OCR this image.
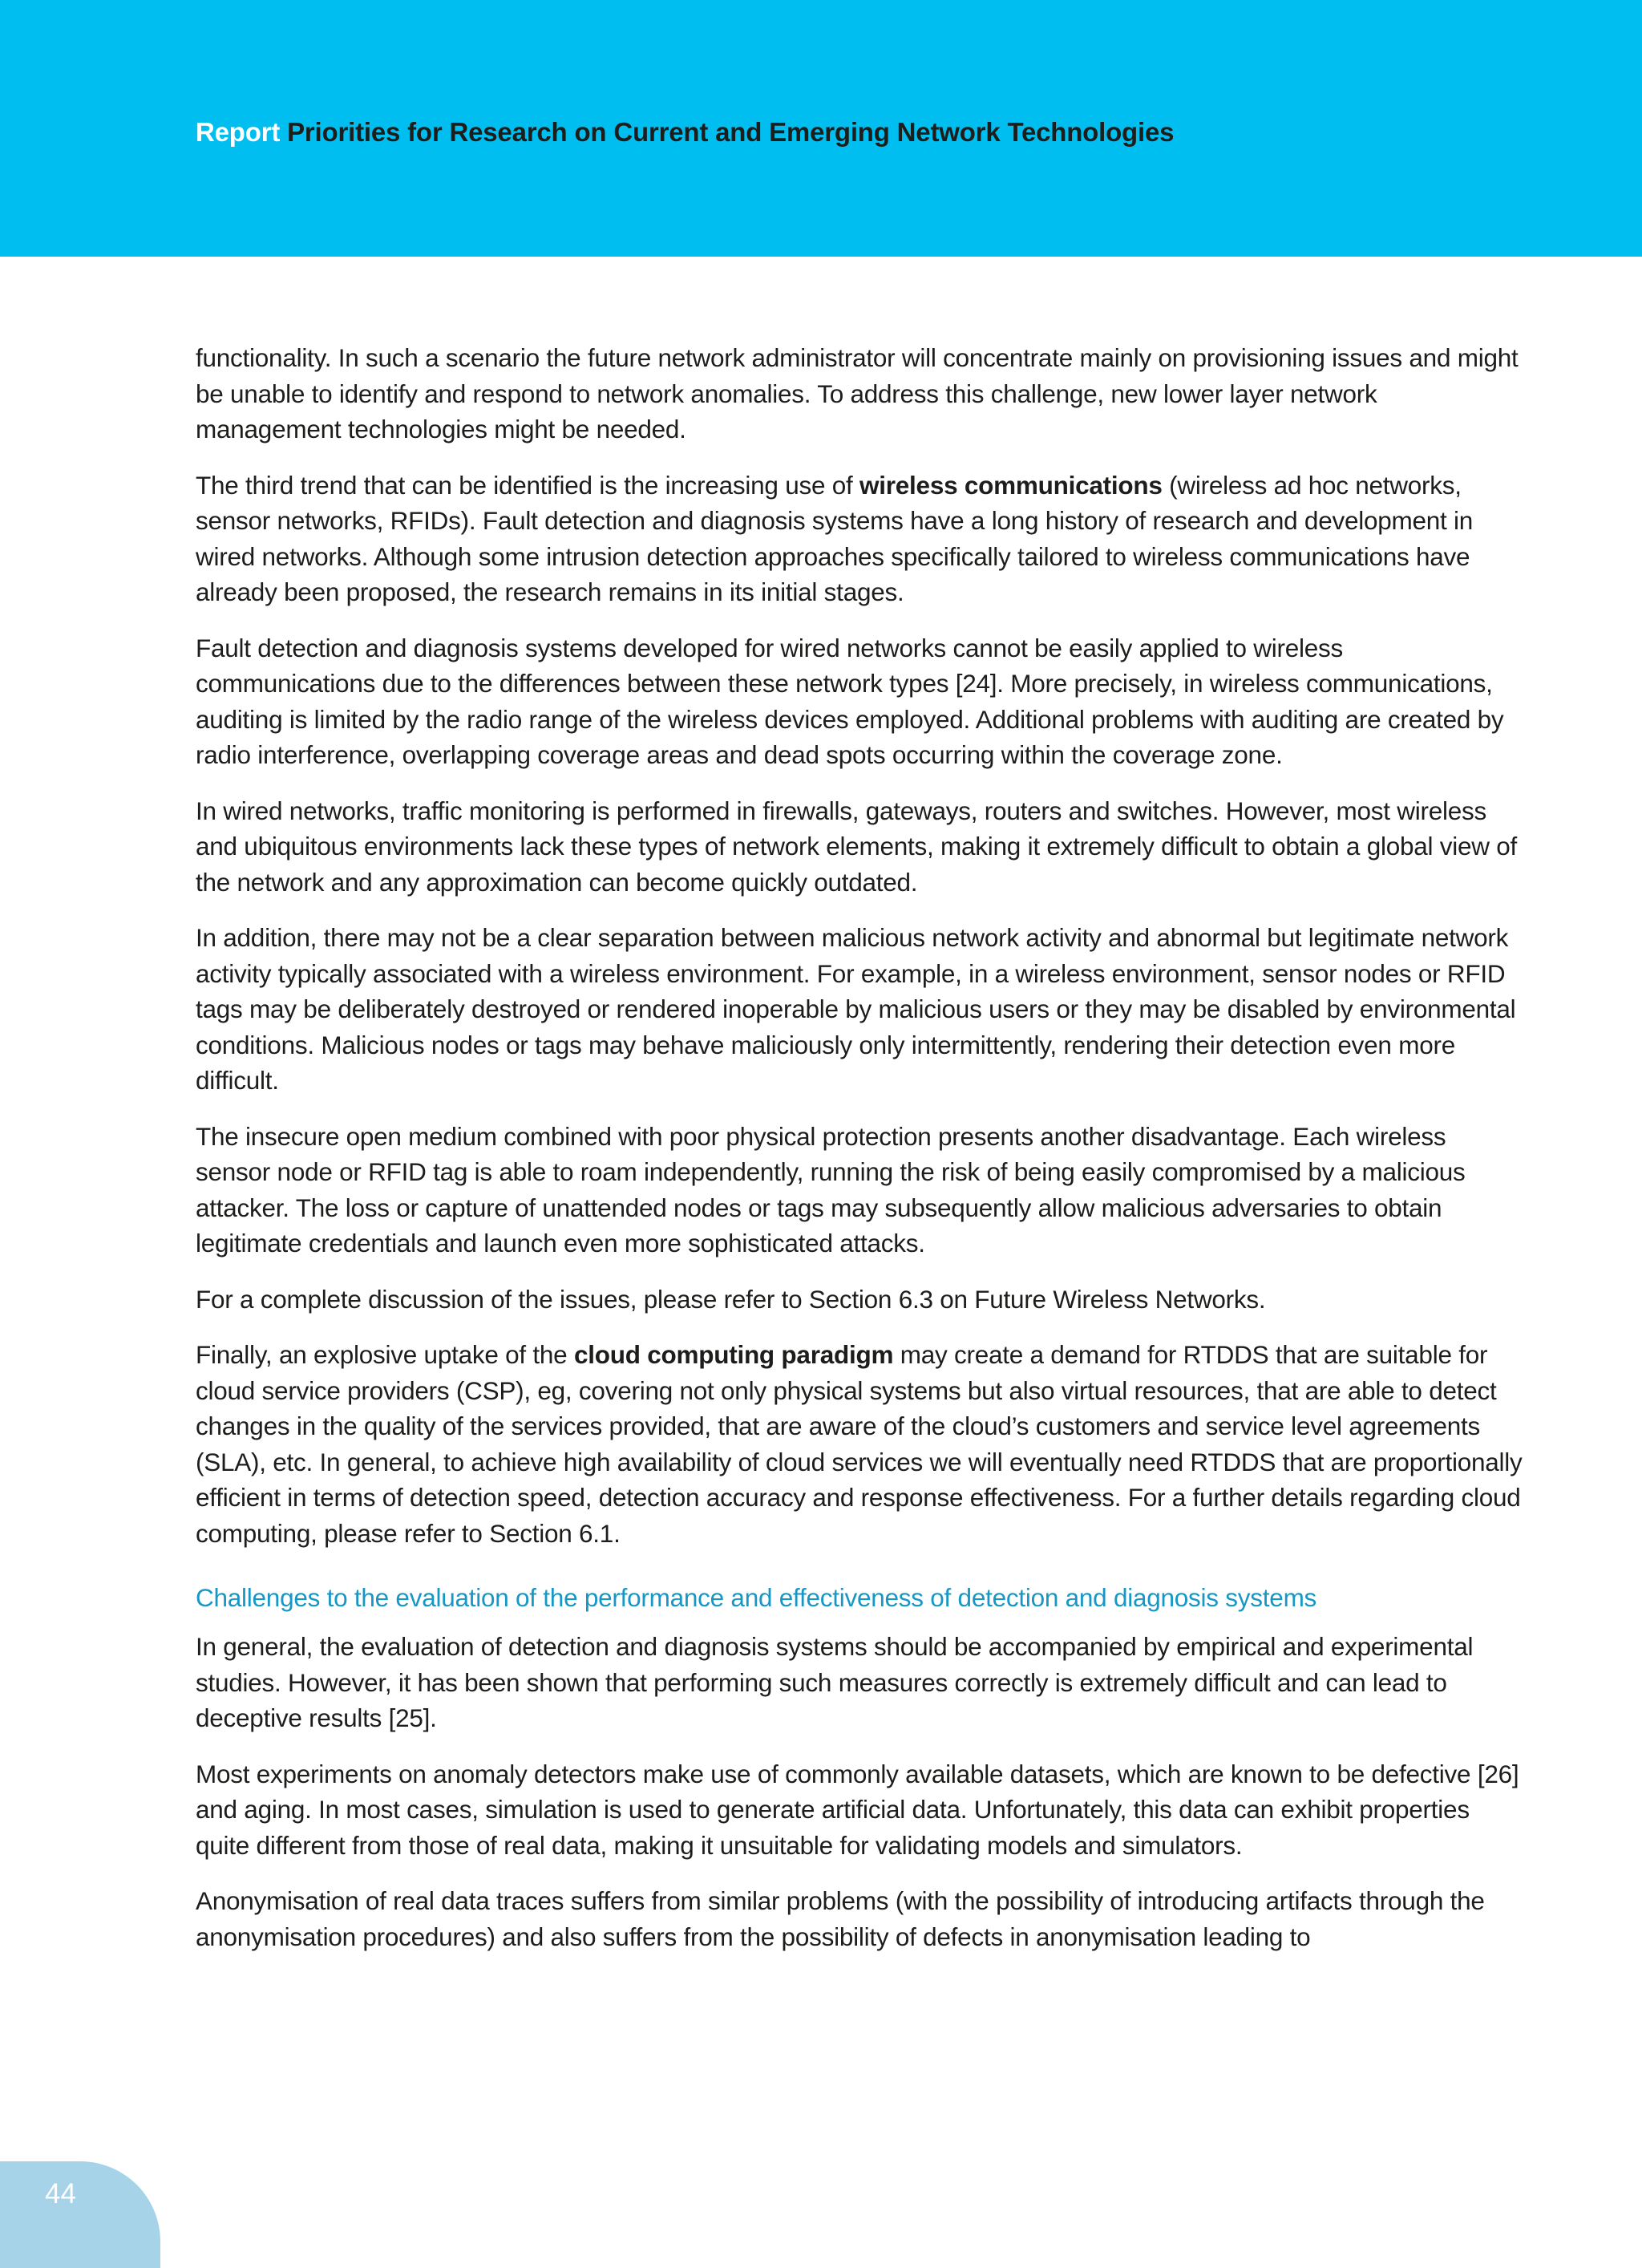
Report Priorities for Research on Current and Emerging Network Technologies

functionality. In such a scenario the future network administrator will concentrate mainly on provisioning issues and might be unable to identify and respond to network anomalies. To address this challenge, new lower layer network management technologies might be needed.

The third trend that can be identified is the increasing use of wireless communications (wireless ad hoc networks, sensor networks, RFIDs). Fault detection and diagnosis systems have a long history of research and development in wired networks. Although some intrusion detection approaches specifically tailored to wireless communications have already been proposed, the research remains in its initial stages.

Fault detection and diagnosis systems developed for wired networks cannot be easily applied to wireless communications due to the differences between these network types [24]. More precisely, in wireless communications, auditing is limited by the radio range of the wireless devices employed. Additional problems with auditing are created by radio interference, overlapping coverage areas and dead spots occurring within the coverage zone.

In wired networks, traffic monitoring is performed in firewalls, gateways, routers and switches. However, most wireless and ubiquitous environments lack these types of network elements, making it extremely difficult to obtain a global view of the network and any approximation can become quickly outdated.

In addition, there may not be a clear separation between malicious network activity and abnormal but legitimate network activity typically associated with a wireless environment. For example, in a wireless environment, sensor nodes or RFID tags may be deliberately destroyed or rendered inoperable by malicious users or they may be disabled by environmental conditions. Malicious nodes or tags may behave maliciously only intermittently, rendering their detection even more difficult.

The insecure open medium combined with poor physical protection presents another disadvantage. Each wireless sensor node or RFID tag is able to roam independently, running the risk of being easily compromised by a malicious attacker. The loss or capture of unattended nodes or tags may subsequently allow malicious adversaries to obtain legitimate credentials and launch even more sophisticated attacks.

For a complete discussion of the issues, please refer to Section 6.3 on Future Wireless Networks.

Finally, an explosive uptake of the cloud computing paradigm may create a demand for RTDDS that are suitable for cloud service providers (CSP), eg, covering not only physical systems but also virtual resources, that are able to detect changes in the quality of the services provided, that are aware of the cloud’s customers and service level agreements (SLA), etc. In general, to achieve high availability of cloud services we will eventually need RTDDS that are proportionally efficient in terms of detection speed, detection accuracy and response effectiveness. For a further details regarding cloud computing, please refer to Section 6.1.

Challenges to the evaluation of the performance and effectiveness of detection and diagnosis systems

In general, the evaluation of detection and diagnosis systems should be accompanied by empirical and experimental studies. However, it has been shown that performing such measures correctly is extremely difficult and can lead to deceptive results [25].

Most experiments on anomaly detectors make use of commonly available datasets, which are known to be defective [26] and aging. In most cases, simulation is used to generate artificial data. Unfortunately, this data can exhibit properties quite different from those of real data, making it unsuitable for validating models and simulators.

Anonymisation of real data traces suffers from similar problems (with the possibility of introducing artifacts through the anonymisation procedures) and also suffers from the possibility of defects in anonymisation leading to

44
